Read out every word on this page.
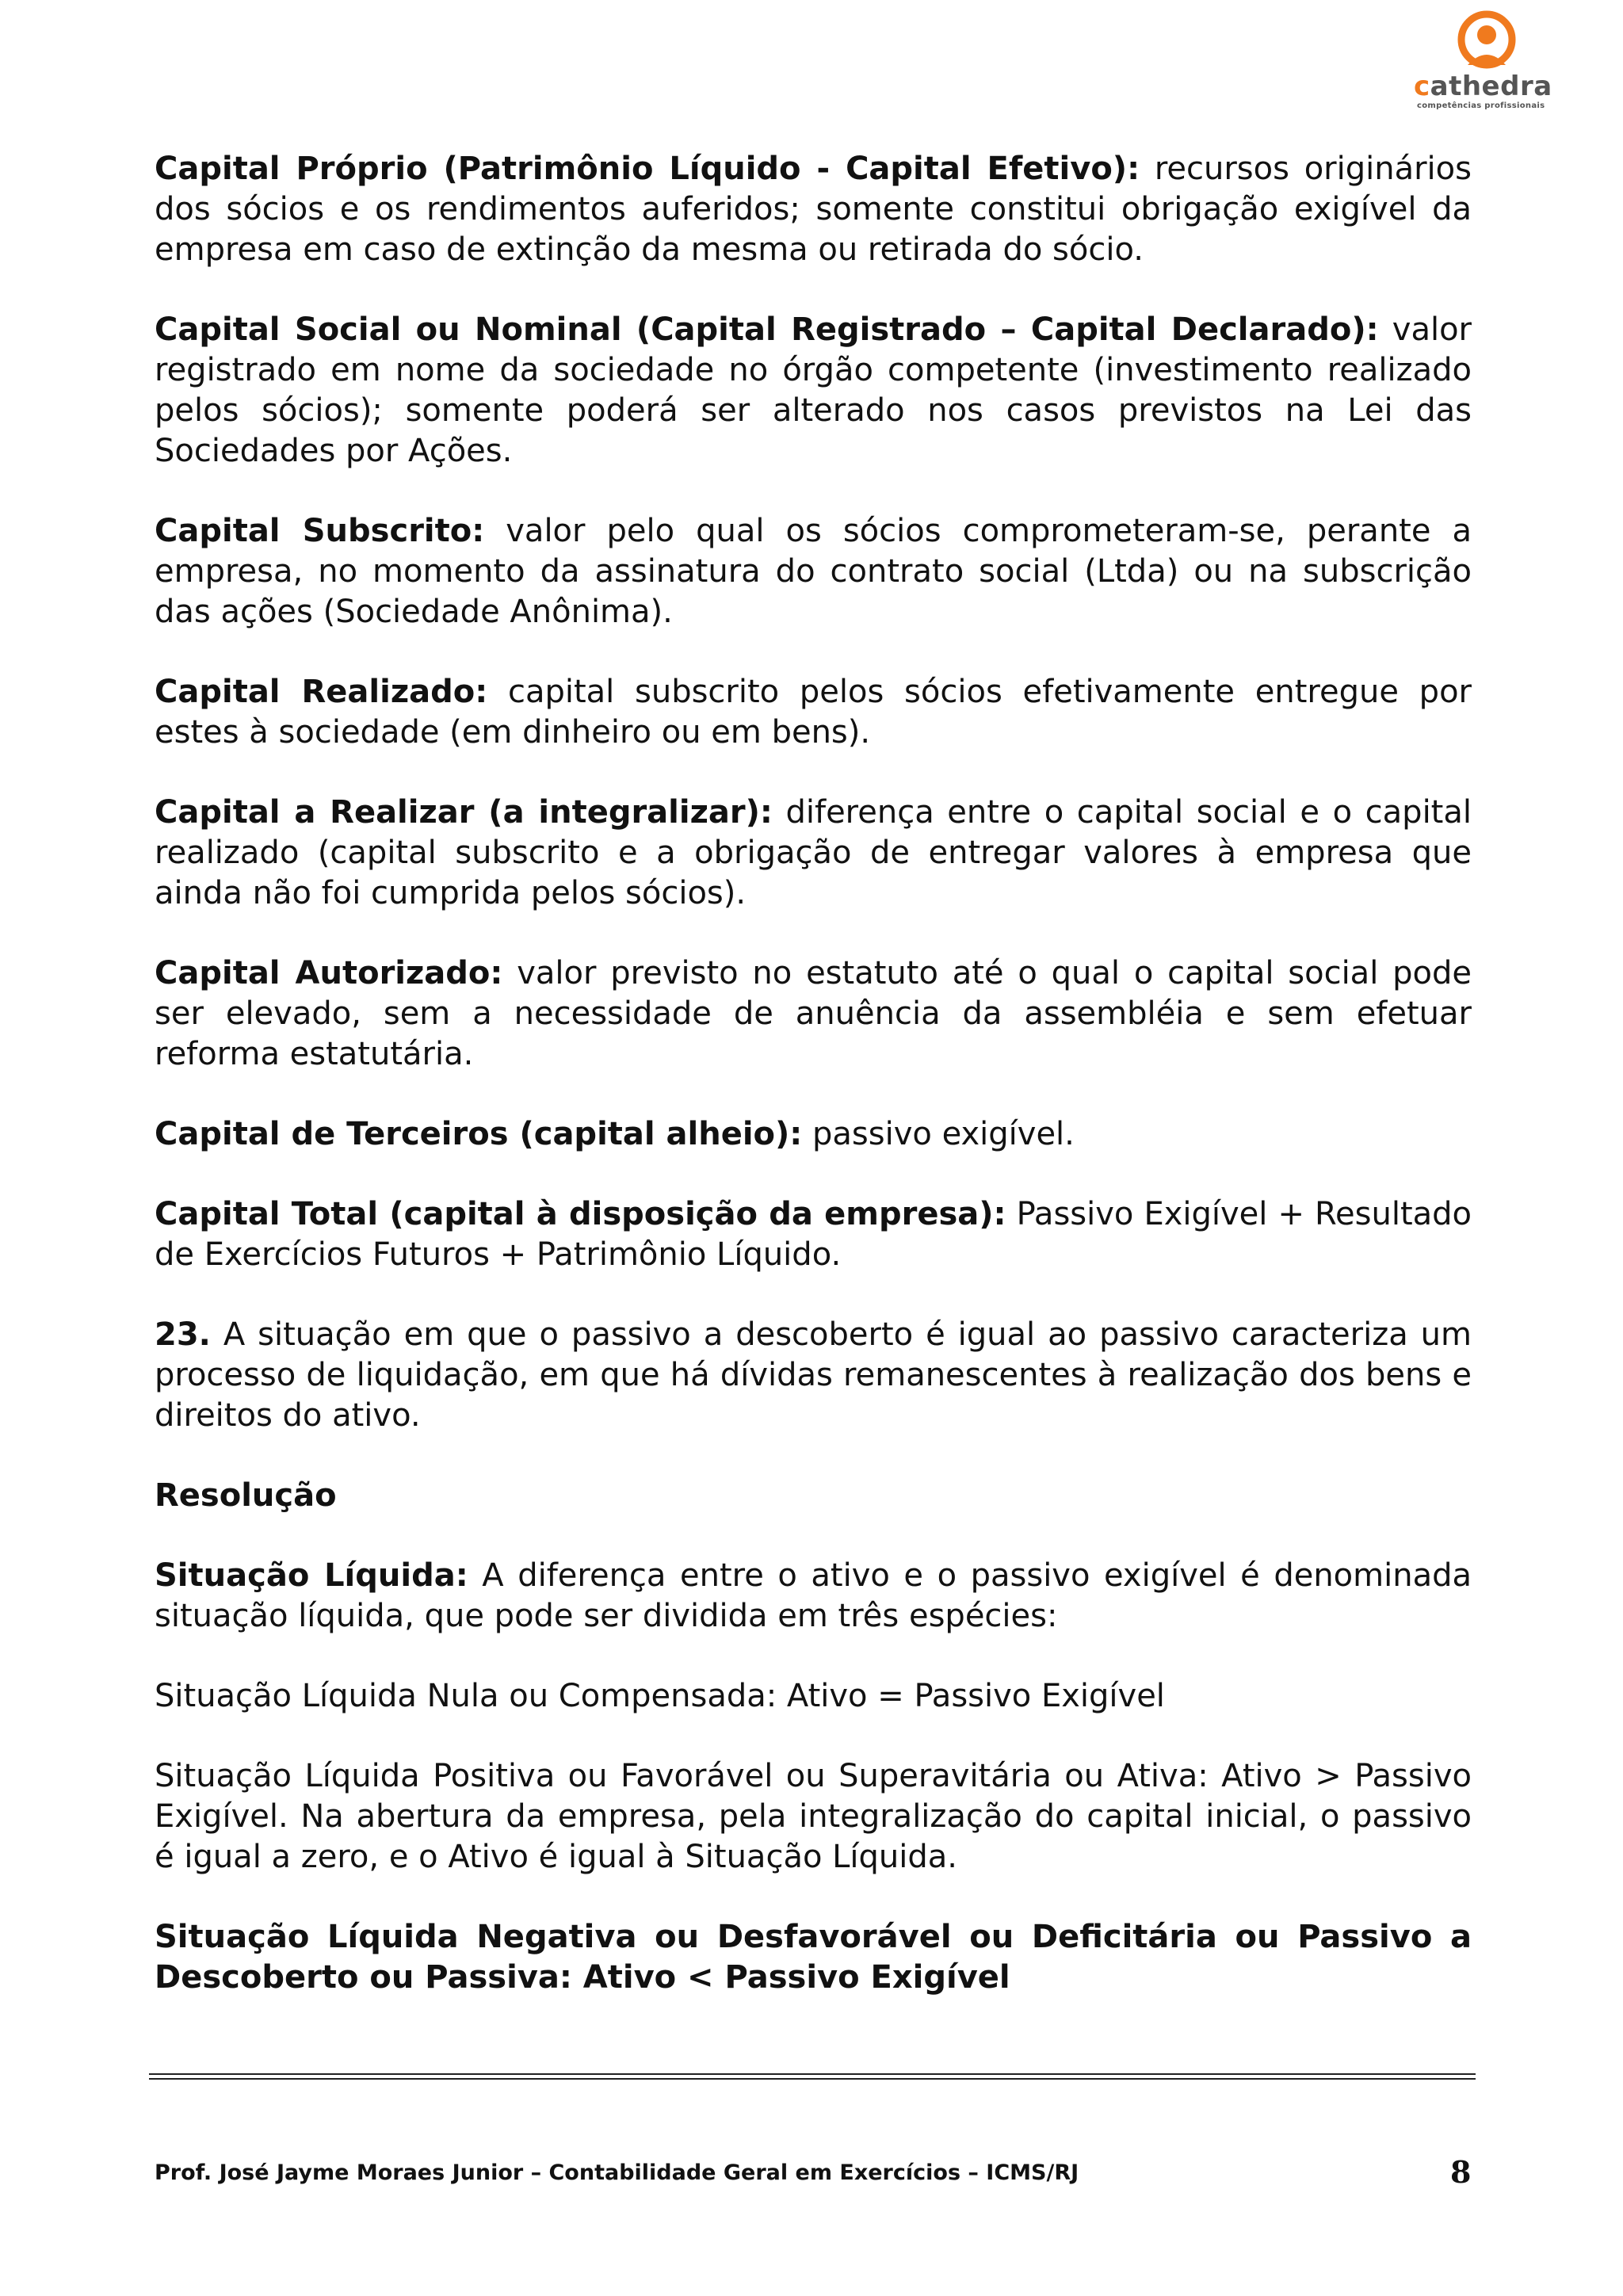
cathedra
competências profissionais

Capital Próprio (Patrimônio Líquido - Capital Efetivo): recursos originários dos sócios e os rendimentos auferidos; somente constitui obrigação exigível da empresa em caso de extinção da mesma ou retirada do sócio.

Capital Social ou Nominal (Capital Registrado – Capital Declarado): valor registrado em nome da sociedade no órgão competente (investimento realizado pelos sócios); somente poderá ser alterado nos casos previstos na Lei das Sociedades por Ações.

Capital Subscrito: valor pelo qual os sócios comprometeram-se, perante a empresa, no momento da assinatura do contrato social (Ltda) ou na subscrição das ações (Sociedade Anônima).

Capital Realizado: capital subscrito pelos sócios efetivamente entregue por estes à sociedade (em dinheiro ou em bens).

Capital a Realizar (a integralizar): diferença entre o capital social e o capital realizado (capital subscrito e a obrigação de entregar valores à empresa que ainda não foi cumprida pelos sócios).

Capital Autorizado: valor previsto no estatuto até o qual o capital social pode ser elevado, sem a necessidade de anuência da assembléia e sem efetuar reforma estatutária.

Capital de Terceiros (capital alheio): passivo exigível.

Capital Total (capital à disposição da empresa): Passivo Exigível + Resultado de Exercícios Futuros + Patrimônio Líquido.

23. A situação em que o passivo a descoberto é igual ao passivo caracteriza um processo de liquidação, em que há dívidas remanescentes à realização dos bens e direitos do ativo.

Resolução

Situação Líquida: A diferença entre o ativo e o passivo exigível é denominada situação líquida, que pode ser dividida em três espécies:

Situação Líquida Nula ou Compensada: Ativo = Passivo Exigível

Situação Líquida Positiva ou Favorável ou Superavitária ou Ativa: Ativo > Passivo Exigível. Na abertura da empresa, pela integralização do capital inicial, o passivo é igual a zero, e o Ativo é igual à Situação Líquida.

Situação Líquida Negativa ou Desfavorável ou Deficitária ou Passivo a Descoberto ou Passiva: Ativo < Passivo Exigível

Prof. José Jayme Moraes Junior – Contabilidade Geral em Exercícios – ICMS/RJ	8
